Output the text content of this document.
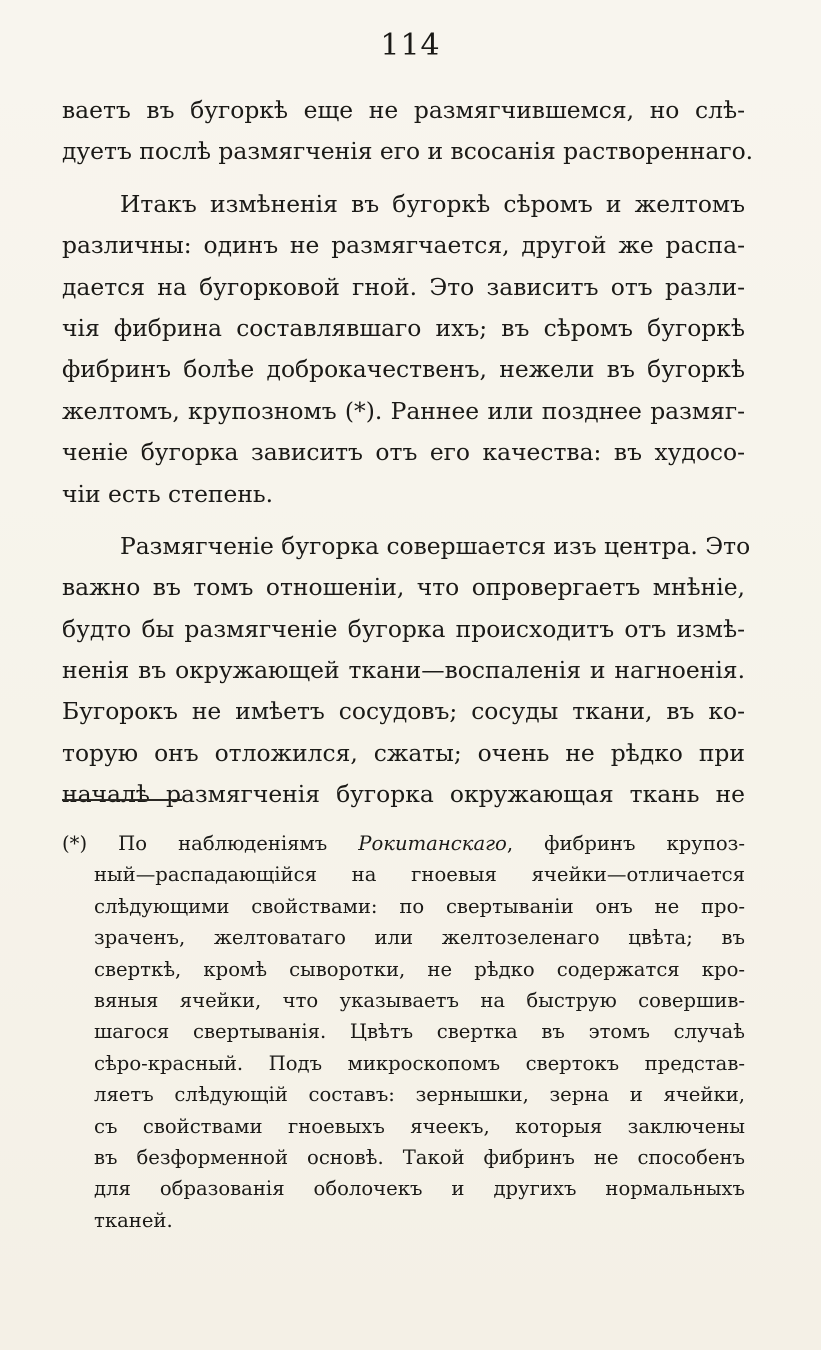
114
ваетъ въ бугоркѣ еще не размягчившемся, но слѣ-
дуетъ послѣ размягченія его и всосанія раствореннаго.
Итакъ измѣненія въ бугоркѣ сѣромъ и желтомъ
различны: одинъ не размягчается, другой же распа-
дается на бугорковой гной. Это зависитъ отъ разли-
чія фибрина составлявшаго ихъ; въ сѣромъ бугоркѣ
фибринъ болѣе доброкачественъ, нежели въ бугоркѣ
желтомъ, крупозномъ (*). Раннее или позднее размяг-
ченіе бугорка зависитъ отъ его качества: въ худосо-
чіи есть степень.
Размягченіе бугорка совершается изъ центра. Это
важно въ томъ отношеніи, что опровергаетъ мнѣніе,
будто бы размягченіе бугорка происходитъ отъ измѣ-
ненія въ окружающей ткани—воспаленія и нагноенія.
Бугорокъ не имѣетъ сосудовъ; сосуды ткани, въ ко-
торую онъ отложился, сжаты; очень не рѣдко при
началѣ размягченія бугорка окружающая ткань не
(*) По наблюденіямъ Рокитанскаго, фибринъ крупоз-
ный—распадающійся на гноевыя ячейки—отличается
слѣдующими свойствами: по свертываніи онъ не про-
зраченъ, желтоватаго или желтозеленаго цвѣта; въ
сверткѣ, кромѣ сыворотки, не рѣдко содержатся кро-
вяныя ячейки, что указываетъ на быструю совершив-
шагося свертыванія. Цвѣтъ свертка въ этомъ случаѣ
сѣро-красный. Подъ микроскопомъ свертокъ представ-
ляетъ слѣдующій составъ: зернышки, зерна и ячейки,
съ свойствами гноевыхъ ячеекъ, которыя заключены
въ безформенной основѣ. Такой фибринъ не способенъ
для образованія оболочекъ и другихъ нормальныхъ
тканей.
